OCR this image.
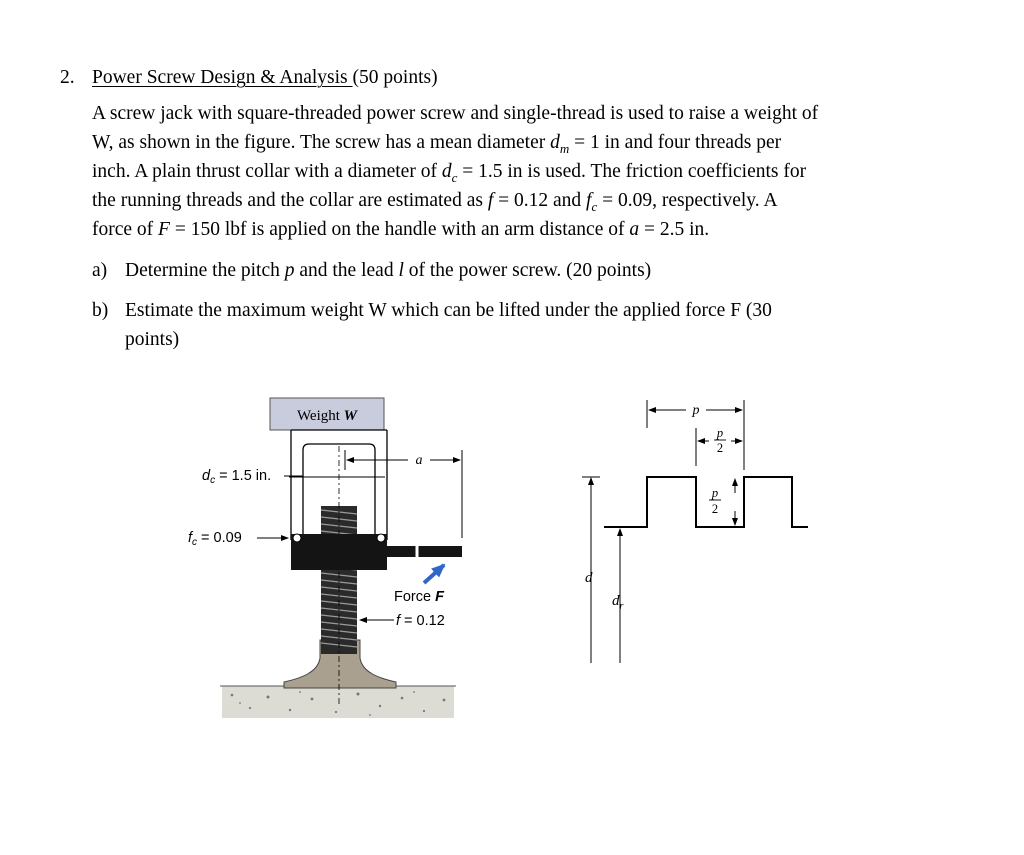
2. Power Screw Design & Analysis (50 points)
A screw jack with square-threaded power screw and single-thread is used to raise a weight of
W, as shown in the figure. The screw has a mean diameter $d_m = 1$ in and four threads per
inch. A plain thrust collar with a diameter of $d_c = 1.5$ in is used. The friction coefficients for
the running threads and the collar are estimated as f = 0.12 and $f_c = 0.09$, respectively. A
force of F = 150 lbf is applied on the handle with an arm distance of a = 2.5 in.
a) Determine the pitch p and the lead l of the power screw. (20 points)
b) Estimate the maximum weight W which can be lifted under the applied force F (30
points)
Weight W
$d_c = 1.5$ in.
a
$f_c = 0.09$
Force F
f = 0.12
d
$d_r$
p
p
2
p
2
